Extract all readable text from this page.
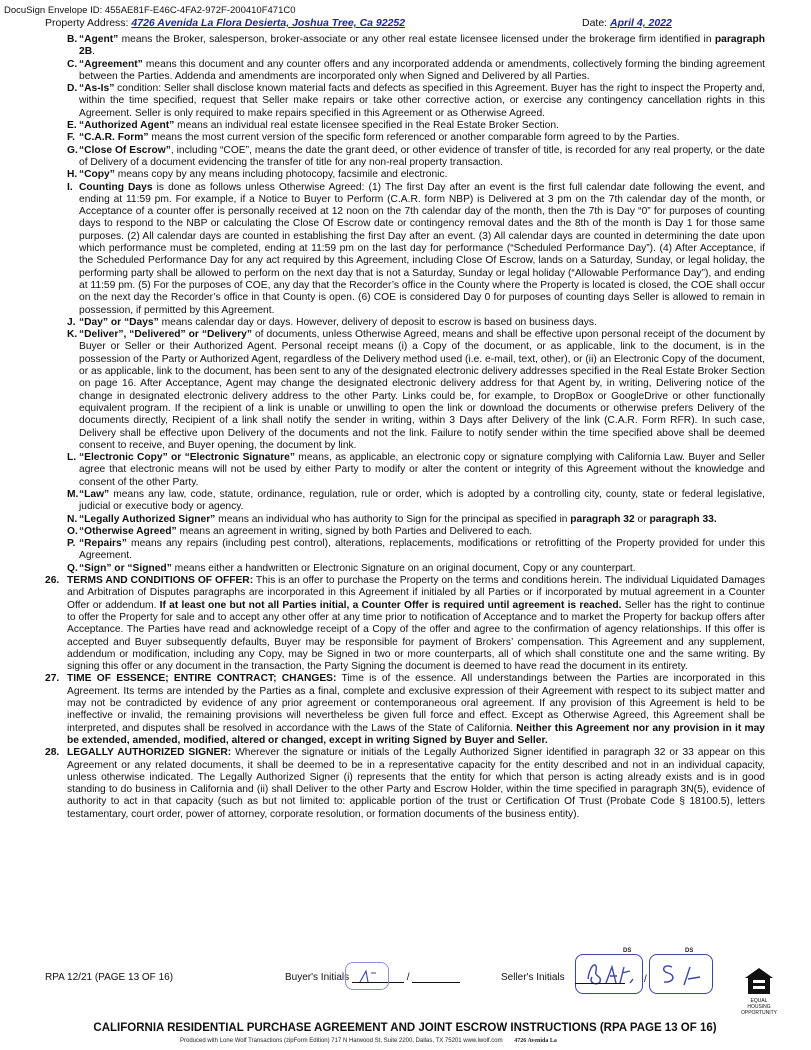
DocuSign Envelope ID: 455AE81F-E46C-4FA2-972F-200410F471C0
Property Address: 4726 Avenida La Flora Desierta, Joshua Tree, Ca 92252	Date: April 4, 2022
B. “Agent” means the Broker, salesperson, broker-associate or any other real estate licensee licensed under the brokerage firm identified in paragraph 2B.
C. “Agreement” means this document and any counter offers and any incorporated addenda or amendments, collectively forming the binding agreement between the Parties. Addenda and amendments are incorporated only when Signed and Delivered by all Parties.
D. “As-Is” condition: Seller shall disclose known material facts and defects as specified in this Agreement. Buyer has the right to inspect the Property and, within the time specified, request that Seller make repairs or take other corrective action, or exercise any contingency cancellation rights in this Agreement. Seller is only required to make repairs specified in this Agreement or as Otherwise Agreed.
E. “Authorized Agent” means an individual real estate licensee specified in the Real Estate Broker Section.
F. “C.A.R. Form” means the most current version of the specific form referenced or another comparable form agreed to by the Parties.
G. “Close Of Escrow”, including “COE”, means the date the grant deed, or other evidence of transfer of title, is recorded for any real property, or the date of Delivery of a document evidencing the transfer of title for any non-real property transaction.
H. “Copy” means copy by any means including photocopy, facsimile and electronic.
I. Counting Days is done as follows unless Otherwise Agreed: (1) The first Day after an event is the first full calendar date following the event, and ending at 11:59 pm. For example, if a Notice to Buyer to Perform (C.A.R. form NBP) is Delivered at 3 pm on the 7th calendar day of the month, or Acceptance of a counter offer is personally received at 12 noon on the 7th calendar day of the month, then the 7th is Day “0” for purposes of counting days to respond to the NBP or calculating the Close Of Escrow date or contingency removal dates and the 8th of the month is Day 1 for those same purposes. (2) All calendar days are counted in establishing the first Day after an event. (3) All calendar days are counted in determining the date upon which performance must be completed, ending at 11:59 pm on the last day for performance (“Scheduled Performance Day”). (4) After Acceptance, if the Scheduled Performance Day for any act required by this Agreement, including Close Of Escrow, lands on a Saturday, Sunday, or legal holiday, the performing party shall be allowed to perform on the next day that is not a Saturday, Sunday or legal holiday (“Allowable Performance Day”), and ending at 11:59 pm. (5) For the purposes of COE, any day that the Recorder’s office in the County where the Property is located is closed, the COE shall occur on the next day the Recorder’s office in that County is open. (6) COE is considered Day 0 for purposes of counting days Seller is allowed to remain in possession, if permitted by this Agreement.
J. “Day” or “Days” means calendar day or days. However, delivery of deposit to escrow is based on business days.
K. “Deliver”, “Delivered” or “Delivery” of documents, unless Otherwise Agreed, means and shall be effective upon personal receipt of the document by Buyer or Seller or their Authorized Agent. Personal receipt means (i) a Copy of the document, or as applicable, link to the document, is in the possession of the Party or Authorized Agent, regardless of the Delivery method used (i.e. e-mail, text, other), or (ii) an Electronic Copy of the document, or as applicable, link to the document, has been sent to any of the designated electronic delivery addresses specified in the Real Estate Broker Section on page 16. After Acceptance, Agent may change the designated electronic delivery address for that Agent by, in writing, Delivering notice of the change in designated electronic delivery address to the other Party. Links could be, for example, to DropBox or GoogleDrive or other functionally equivalent program. If the recipient of a link is unable or unwilling to open the link or download the documents or otherwise prefers Delivery of the documents directly, Recipient of a link shall notify the sender in writing, within 3 Days after Delivery of the link (C.A.R. Form RFR). In such case, Delivery shall be effective upon Delivery of the documents and not the link. Failure to notify sender within the time specified above shall be deemed consent to receive, and Buyer opening, the document by link.
L. “Electronic Copy” or “Electronic Signature” means, as applicable, an electronic copy or signature complying with California Law. Buyer and Seller agree that electronic means will not be used by either Party to modify or alter the content or integrity of this Agreement without the knowledge and consent of the other Party.
M. “Law” means any law, code, statute, ordinance, regulation, rule or order, which is adopted by a controlling city, county, state or federal legislative, judicial or executive body or agency.
N. “Legally Authorized Signer” means an individual who has authority to Sign for the principal as specified in paragraph 32 or paragraph 33.
O. “Otherwise Agreed” means an agreement in writing, signed by both Parties and Delivered to each.
P. “Repairs” means any repairs (including pest control), alterations, replacements, modifications or retrofitting of the Property provided for under this Agreement.
Q. “Sign” or “Signed” means either a handwritten or Electronic Signature on an original document, Copy or any counterpart.
26. TERMS AND CONDITIONS OF OFFER: This is an offer to purchase the Property on the terms and conditions herein. The individual Liquidated Damages and Arbitration of Disputes paragraphs are incorporated in this Agreement if initialed by all Parties or if incorporated by mutual agreement in a Counter Offer or addendum. If at least one but not all Parties initial, a Counter Offer is required until agreement is reached. Seller has the right to continue to offer the Property for sale and to accept any other offer at any time prior to notification of Acceptance and to market the Property for backup offers after Acceptance. The Parties have read and acknowledge receipt of a Copy of the offer and agree to the confirmation of agency relationships. If this offer is accepted and Buyer subsequently defaults, Buyer may be responsible for payment of Brokers’ compensation. This Agreement and any supplement, addendum or modification, including any Copy, may be Signed in two or more counterparts, all of which shall constitute one and the same writing. By signing this offer or any document in the transaction, the Party Signing the document is deemed to have read the document in its entirety.
27. TIME OF ESSENCE; ENTIRE CONTRACT; CHANGES: Time is of the essence. All understandings between the Parties are incorporated in this Agreement. Its terms are intended by the Parties as a final, complete and exclusive expression of their Agreement with respect to its subject matter and may not be contradicted by evidence of any prior agreement or contemporaneous oral agreement. If any provision of this Agreement is held to be ineffective or invalid, the remaining provisions will nevertheless be given full force and effect. Except as Otherwise Agreed, this Agreement shall be interpreted, and disputes shall be resolved in accordance with the Laws of the State of California. Neither this Agreement nor any provision in it may be extended, amended, modified, altered or changed, except in writing Signed by Buyer and Seller.
28. LEGALLY AUTHORIZED SIGNER: Wherever the signature or initials of the Legally Authorized Signer identified in paragraph 32 or 33 appear on this Agreement or any related documents, it shall be deemed to be in a representative capacity for the entity described and not in an individual capacity, unless otherwise indicated. The Legally Authorized Signer (i) represents that the entity for which that person is acting already exists and is in good standing to do business in California and (ii) shall Deliver to the other Party and Escrow Holder, within the time specified in paragraph 3N(5), evidence of authority to act in that capacity (such as but not limited to: applicable portion of the trust or Certification Of Trust (Probate Code § 18100.5), letters testamentary, court order, power of attorney, corporate resolution, or formation documents of the business entity).
RPA 12/21 (PAGE 13 OF 16)	Buyer's Initials	/	Seller's Initials
DS
/
DS
EQUAL HOUSING OPPORTUNITY
CALIFORNIA RESIDENTIAL PURCHASE AGREEMENT AND JOINT ESCROW INSTRUCTIONS (RPA PAGE 13 OF 16)
Produced with Lone Wolf Transactions (zipForm Edition) 717 N Harwood St, Suite 2200, Dallas, TX 75201 www.lwolf.com 4726 Avenida La
